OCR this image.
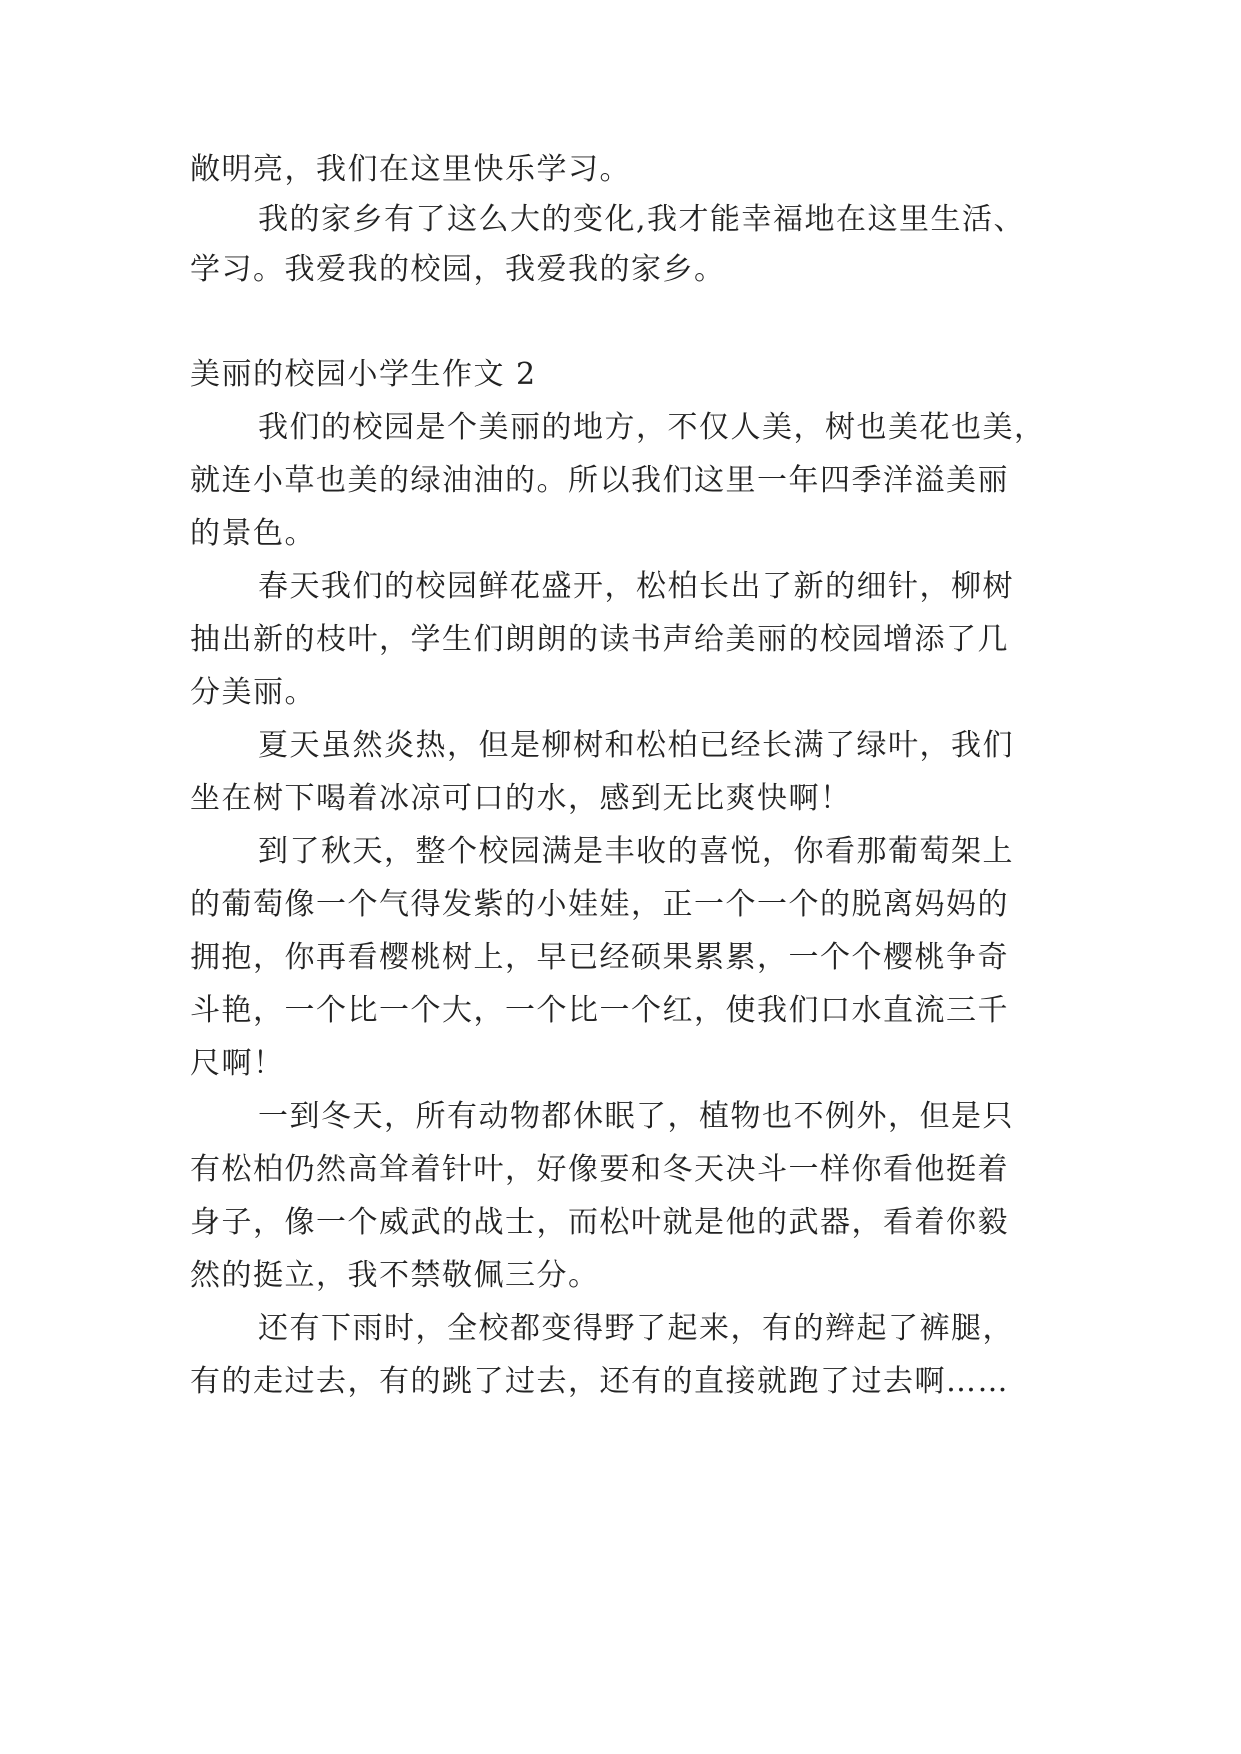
敞明亮，我们在这里快乐学习。

我的家乡有了这么大的变化,我才能幸福地在这里生活、

学习。我爱我的校园，我爱我的家乡。

美丽的校园小学生作文 2

我们的校园是个美丽的地方，不仅人美，树也美花也美，

就连小草也美的绿油油的。所以我们这里一年四季洋溢美丽

的景色。

春天我们的校园鲜花盛开，松柏长出了新的细针，柳树

抽出新的枝叶，学生们朗朗的读书声给美丽的校园增添了几

分美丽。

夏天虽然炎热，但是柳树和松柏已经长满了绿叶，我们

坐在树下喝着冰凉可口的水，感到无比爽快啊！

到了秋天，整个校园满是丰收的喜悦，你看那葡萄架上

的葡萄像一个气得发紫的小娃娃，正一个一个的脱离妈妈的

拥抱，你再看樱桃树上，早已经硕果累累，一个个樱桃争奇

斗艳，一个比一个大，一个比一个红，使我们口水直流三千

尺啊！

一到冬天，所有动物都休眠了，植物也不例外，但是只

有松柏仍然高耸着针叶，好像要和冬天决斗一样你看他挺着

身子，像一个威武的战士，而松叶就是他的武器，看着你毅

然的挺立，我不禁敬佩三分。

还有下雨时，全校都变得野了起来，有的辫起了裤腿，

有的走过去，有的跳了过去，还有的直接就跑了过去啊……
